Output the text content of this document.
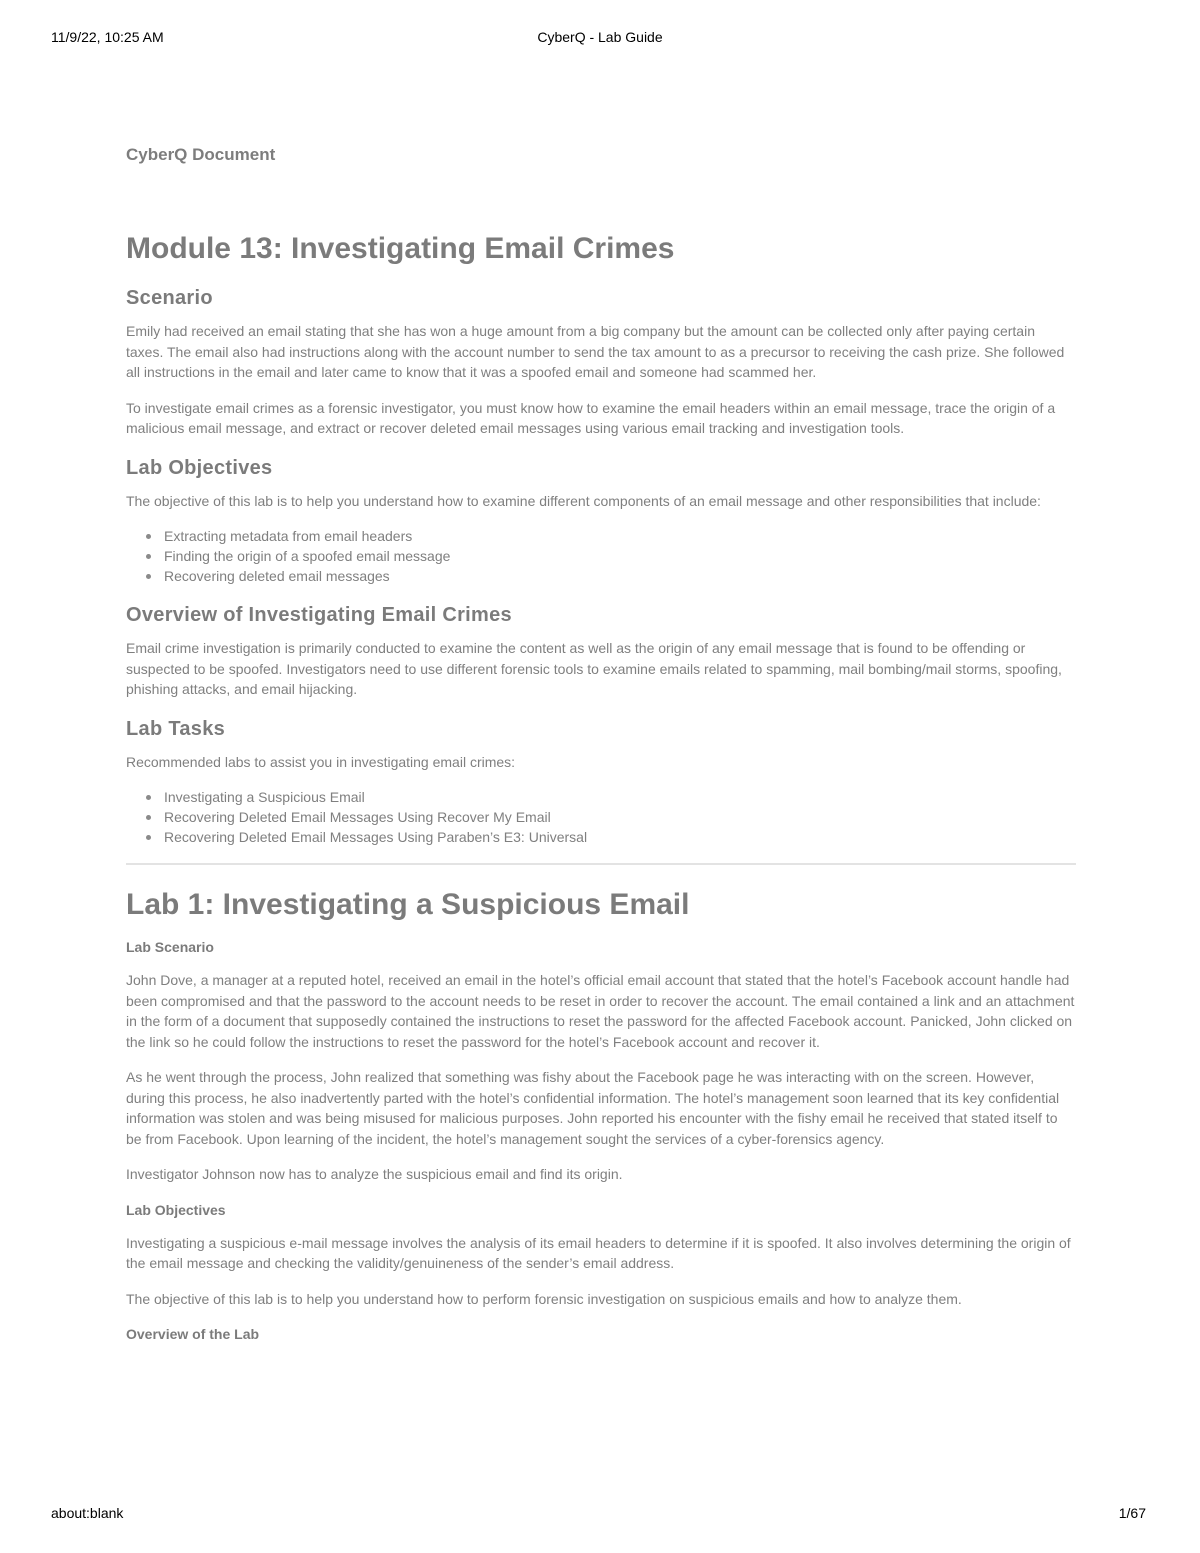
11/9/22, 10:25 AM	CyberQ - Lab Guide
CyberQ Document
Module 13: Investigating Email Crimes
Scenario

Emily had received an email stating that she has won a huge amount from a big company but the amount can be collected only after paying certain taxes. The email also had instructions along with the account number to send the tax amount to as a precursor to receiving the cash prize. She followed all instructions in the email and later came to know that it was a spoofed email and someone had scammed her.

To investigate email crimes as a forensic investigator, you must know how to examine the email headers within an email message, trace the origin of a malicious email message, and extract or recover deleted email messages using various email tracking and investigation tools.

Lab Objectives

The objective of this lab is to help you understand how to examine different components of an email message and other responsibilities that include:

Extracting metadata from email headers
Finding the origin of a spoofed email message
Recovering deleted email messages
Overview of Investigating Email Crimes

Email crime investigation is primarily conducted to examine the content as well as the origin of any email message that is found to be offending or suspected to be spoofed. Investigators need to use different forensic tools to examine emails related to spamming, mail bombing/mail storms, spoofing, phishing attacks, and email hijacking.

Lab Tasks

Recommended labs to assist you in investigating email crimes:

Investigating a Suspicious Email
Recovering Deleted Email Messages Using Recover My Email
Recovering Deleted Email Messages Using Paraben’s E3: Universal
Lab 1: Investigating a Suspicious Email
Lab Scenario

John Dove, a manager at a reputed hotel, received an email in the hotel’s official email account that stated that the hotel’s Facebook account handle had been compromised and that the password to the account needs to be reset in order to recover the account. The email contained a link and an attachment in the form of a document that supposedly contained the instructions to reset the password for the affected Facebook account. Panicked, John clicked on the link so he could follow the instructions to reset the password for the hotel’s Facebook account and recover it.

As he went through the process, John realized that something was fishy about the Facebook page he was interacting with on the screen. However, during this process, he also inadvertently parted with the hotel’s confidential information. The hotel’s management soon learned that its key confidential information was stolen and was being misused for malicious purposes. John reported his encounter with the fishy email he received that stated itself to be from Facebook. Upon learning of the incident, the hotel’s management sought the services of a cyber-forensics agency.

Investigator Johnson now has to analyze the suspicious email and find its origin.

Lab Objectives

Investigating a suspicious e-mail message involves the analysis of its email headers to determine if it is spoofed. It also involves determining the origin of the email message and checking the validity/genuineness of the sender’s email address.

The objective of this lab is to help you understand how to perform forensic investigation on suspicious emails and how to analyze them.

Overview of the Lab
about:blank	1/67
